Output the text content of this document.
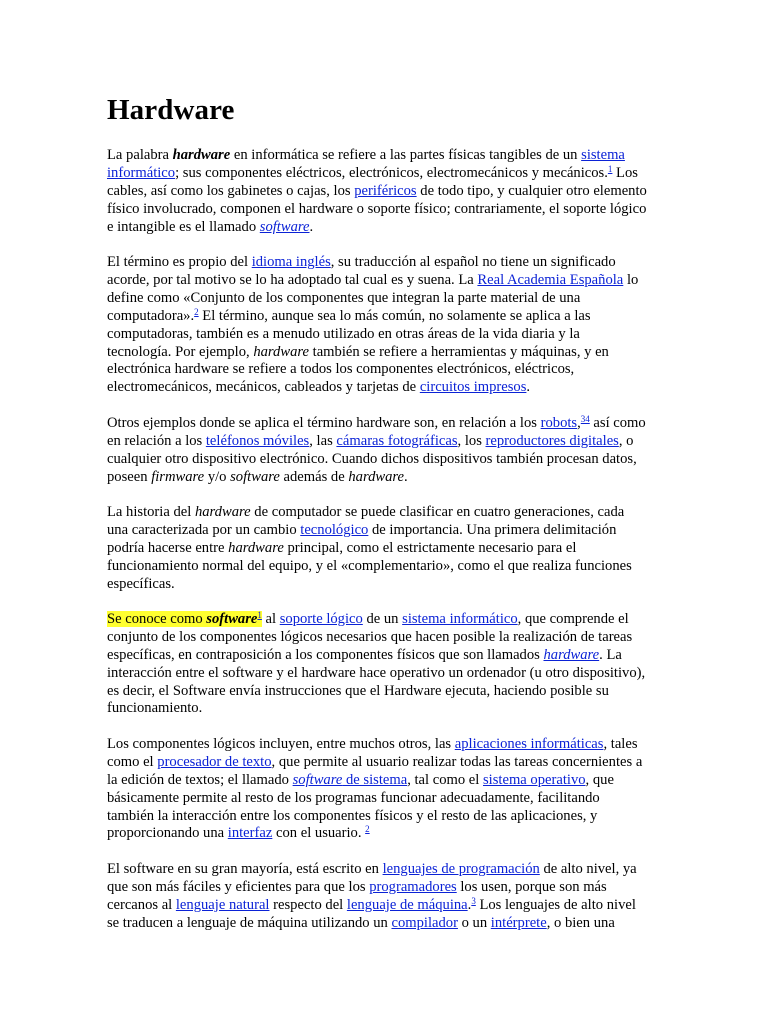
Hardware

La palabra hardware en informática se refiere a las partes físicas tangibles de un sistema informático; sus componentes eléctricos, electrónicos, electromecánicos y mecánicos.$^1$ Los cables, así como los gabinetes o cajas, los periféricos de todo tipo, y cualquier otro elemento físico involucrado, componen el hardware o soporte físico; contrariamente, el soporte lógico e intangible es el llamado software.

El término es propio del idioma inglés, su traducción al español no tiene un significado acorde, por tal motivo se lo ha adoptado tal cual es y suena. La Real Academia Española lo define como «Conjunto de los componentes que integran la parte material de una computadora».$^2$ El término, aunque sea lo más común, no solamente se aplica a las computadoras, también es a menudo utilizado en otras áreas de la vida diaria y la tecnología. Por ejemplo, hardware también se refiere a herramientas y máquinas, y en electrónica hardware se refiere a todos los componentes electrónicos, eléctricos, electromecánicos, mecánicos, cableados y tarjetas de circuitos impresos.

Otros ejemplos donde se aplica el término hardware son, en relación a los robots,$^{34}$ así como en relación a los teléfonos móviles, las cámaras fotográficas, los reproductores digitales, o cualquier otro dispositivo electrónico. Cuando dichos dispositivos también procesan datos, poseen firmware y/o software además de hardware.

La historia del hardware de computador se puede clasificar en cuatro generaciones, cada una caracterizada por un cambio tecnológico de importancia. Una primera delimitación podría hacerse entre hardware principal, como el estrictamente necesario para el funcionamiento normal del equipo, y el «complementario», como el que realiza funciones específicas.

Se conoce como software$^1$ al soporte lógico de un sistema informático, que comprende el conjunto de los componentes lógicos necesarios que hacen posible la realización de tareas específicas, en contraposición a los componentes físicos que son llamados hardware. La interacción entre el software y el hardware hace operativo un ordenador (u otro dispositivo), es decir, el Software envía instrucciones que el Hardware ejecuta, haciendo posible su funcionamiento.

Los componentes lógicos incluyen, entre muchos otros, las aplicaciones informáticas, tales como el procesador de texto, que permite al usuario realizar todas las tareas concernientes a la edición de textos; el llamado software de sistema, tal como el sistema operativo, que básicamente permite al resto de los programas funcionar adecuadamente, facilitando también la interacción entre los componentes físicos y el resto de las aplicaciones, y proporcionando una interfaz con el usuario. $^2$

El software en su gran mayoría, está escrito en lenguajes de programación de alto nivel, ya que son más fáciles y eficientes para que los programadores los usen, porque son más cercanos al lenguaje natural respecto del lenguaje de máquina.$^3$ Los lenguajes de alto nivel se traducen a lenguaje de máquina utilizando un compilador o un intérprete, o bien una
